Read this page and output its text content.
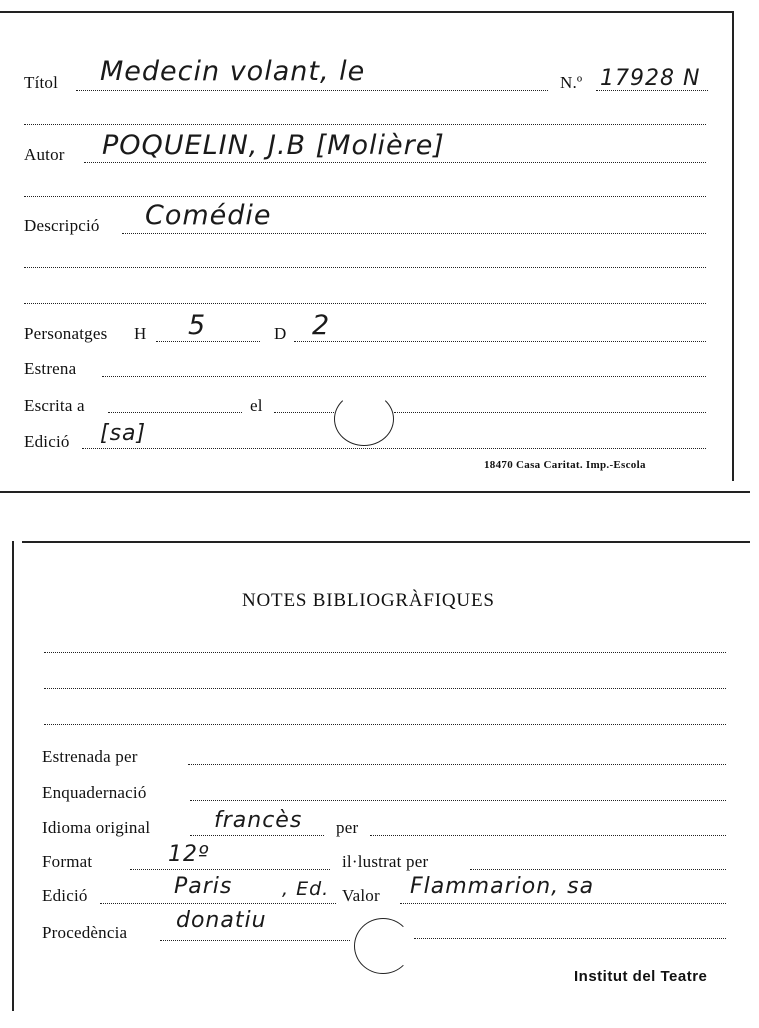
Títol Medecin volant, le	N.º 17928 N
Autor POQUELIN, J.B [Molière]
Descripció Comédie
Personatges H 5	D 2
Estrena
Escrita a	el
Edició [sa]
18470 Casa Caritat. Imp.-Escola
NOTES BIBLIOGRÀFIQUES
Estrenada per
Enquadernació
Idioma original	francès per
Format	12º	il·lustrat per
Edició	Paris	, Ed. Valor Flammarion, sa
Procedència donatiu
Institut del Teatre
